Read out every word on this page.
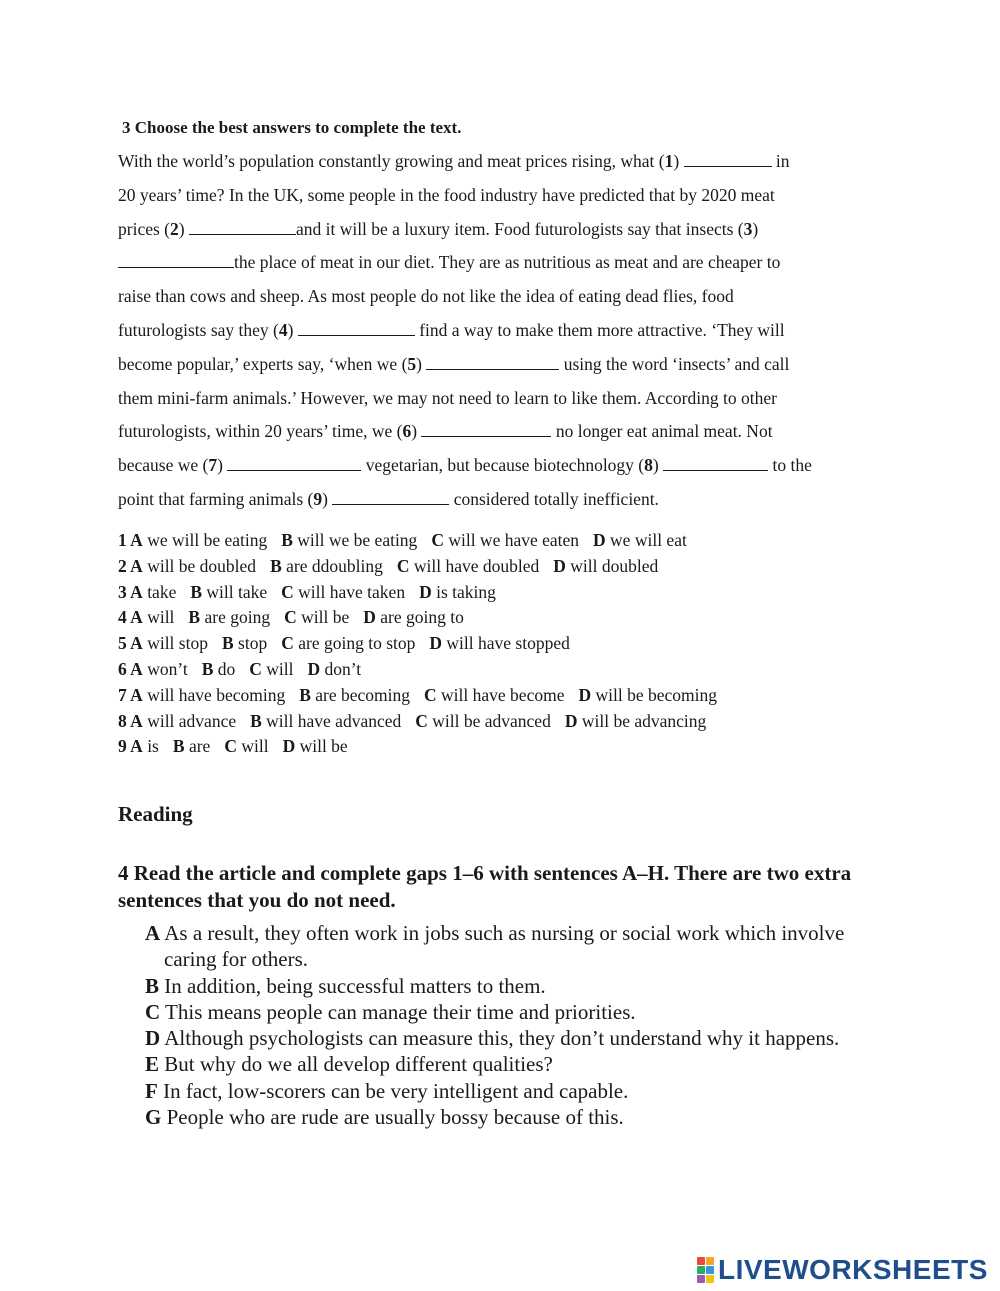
3 Choose the best answers to complete the text.
With the world’s population constantly growing and meat prices rising, what (1)	in
20 years’ time? In the UK, some people in the food industry have predicted that by 2020 meat
prices (2)	and it will be a luxury item. Food futurologists say that insects (3)
the place of meat in our diet. They are as nutritious as meat and are cheaper to
raise than cows and sheep. As most people do not like the idea of eating dead flies, food
futurologists say they (4)	find a way to make them more attractive. ‘They will
become popular,’ experts say, ‘when we (5)	using the word ‘insects’ and call
them mini-farm animals.’ However, we may not need to learn to like them. According to other
futurologists, within 20 years’ time, we (6)	no longer eat animal meat. Not
because we (7)	vegetarian, but because biotechnology (8)	to the
point that farming animals (9)	considered totally inefficient.
1 A we will be eating B will we be eating C will we have eaten D we will eat
2 A will be doubled B are ddoubling C will have doubled D will doubled
3 A take B will take C will have taken D is taking
4 A will B are going C will be D are going to
5 A will stop B stop C are going to stop D will have stopped
6 A won’t B do C will D don’t
7 A will have becoming B are becoming C will have become D will be becoming
8 A will advance B will have advanced C will be advanced D will be advancing
9 A is B are C will D will be
Reading
4 Read the article and complete gaps 1–6 with sentences A–H. There are two extra sentences that you do not need.
A As a result, they often work in jobs such as nursing or social work which involve caring for others.
B In addition, being successful matters to them.
C This means people can manage their time and priorities.
D Although psychologists can measure this, they don’t understand why it happens.
E But why do we all develop different qualities?
F In fact, low-scorers can be very intelligent and capable.
G People who are rude are usually bossy because of this.
LIVEWORKSHEETS
